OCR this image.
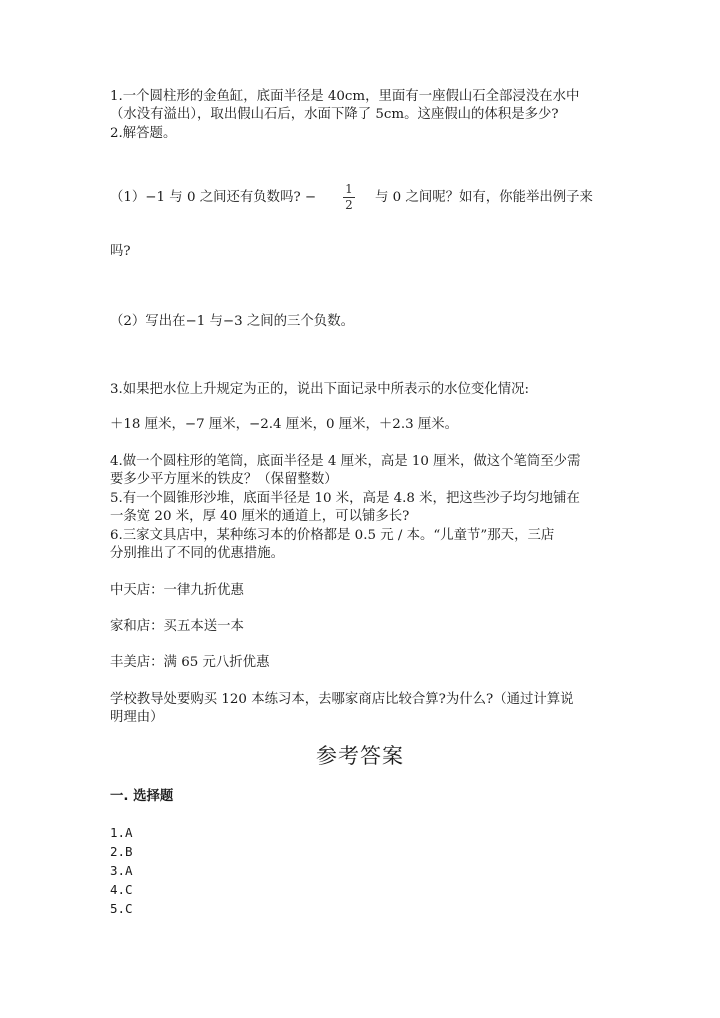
1.一个圆柱形的金鱼缸，底面半径是 40cm，里面有一座假山石全部浸没在水中
（水没有溢出），取出假山石后，水面下降了 5cm。这座假山的体积是多少?
2.解答题。
（1）−1 与 0 之间还有负数吗? −
1
2 与 0 之间呢？如有，你能举出例子来
吗?
（2）写出在−1 与−3 之间的三个负数。
3.如果把水位上升规定为正的，说出下面记录中所表示的水位变化情况:
＋18 厘米，−7 厘米，−2.4 厘米，0 厘米，＋2.3 厘米。
4.做一个圆柱形的笔筒，底面半径是 4 厘米，高是 10 厘米，做这个笔筒至少需
要多少平方厘米的铁皮？（保留整数）
5.有一个圆锥形沙堆，底面半径是 10 米，高是 4.8 米，把这些沙子均匀地铺在
一条宽 20 米，厚 40 厘米的通道上，可以铺多长?
6.三家文具店中，某种练习本的价格都是 0.5 元 / 本。“儿童节”那天，三店
分别推出了不同的优惠措施。
中天店：一律九折优惠
家和店：买五本送一本
丰美店：满 65 元八折优惠
学校教导处要购买 120 本练习本，去哪家商店比较合算?为什么?（通过计算说
明理由）
参考答案
一. 选择题
1.A
2.B
3.A
4.C
5.C
